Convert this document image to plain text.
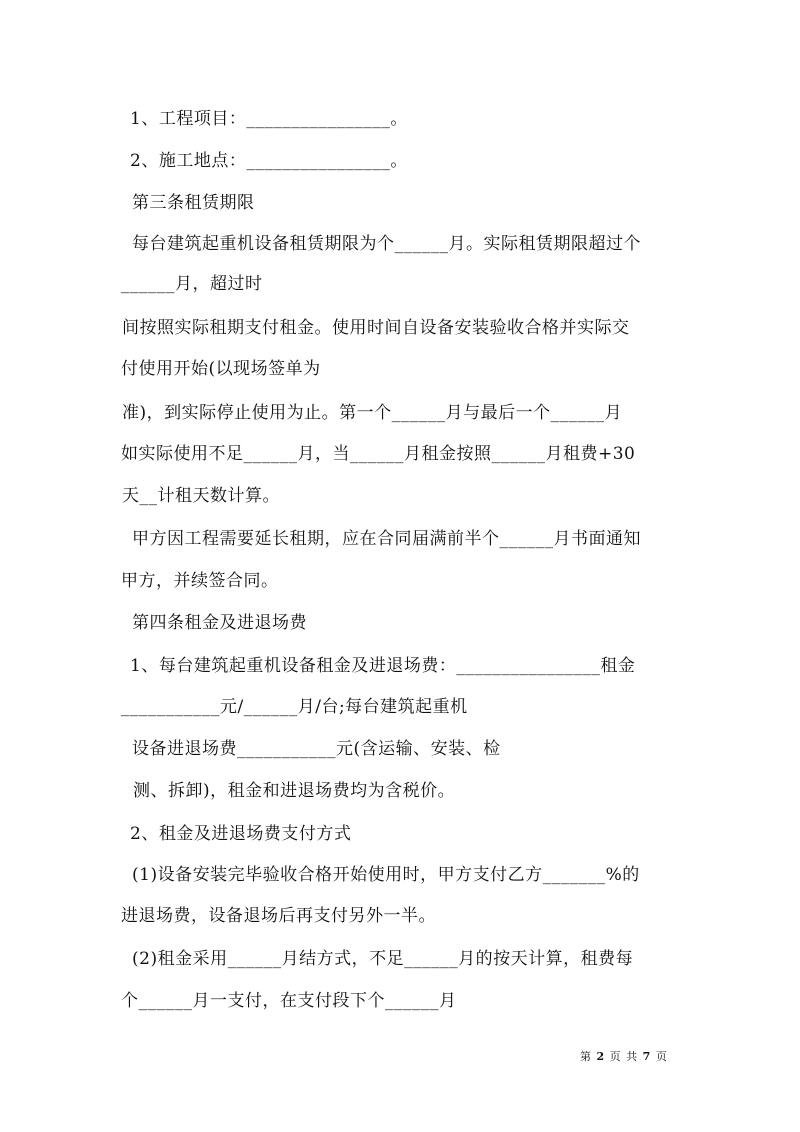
1、工程项目：________________。
2、施工地点：________________。
第三条租赁期限
每台建筑起重机设备租赁期限为个______月。实际租赁期限超过个
______月，超过时
间按照实际租期支付租金。使用时间自设备安装验收合格并实际交
付使用开始(以现场签单为
准)，到实际停止使用为止。第一个______月与最后一个______月
如实际使用不足______月，当______月租金按照______月租费+30
天__计租天数计算。
甲方因工程需要延长租期，应在合同届满前半个______月书面通知
甲方，并续签合同。
第四条租金及进退场费
1、每台建筑起重机设备租金及进退场费：________________租金
___________元/______月/台;每台建筑起重机
设备进退场费___________元(含运输、安装、检
测、拆卸)，租金和进退场费均为含税价。
2、租金及进退场费支付方式
(1)设备安装完毕验收合格开始使用时，甲方支付乙方_______%的
进退场费，设备退场后再支付另外一半。
(2)租金采用______月结方式，不足______月的按天计算，租费每
个______月一支付，在支付段下个______月
第 2 页 共 7 页
